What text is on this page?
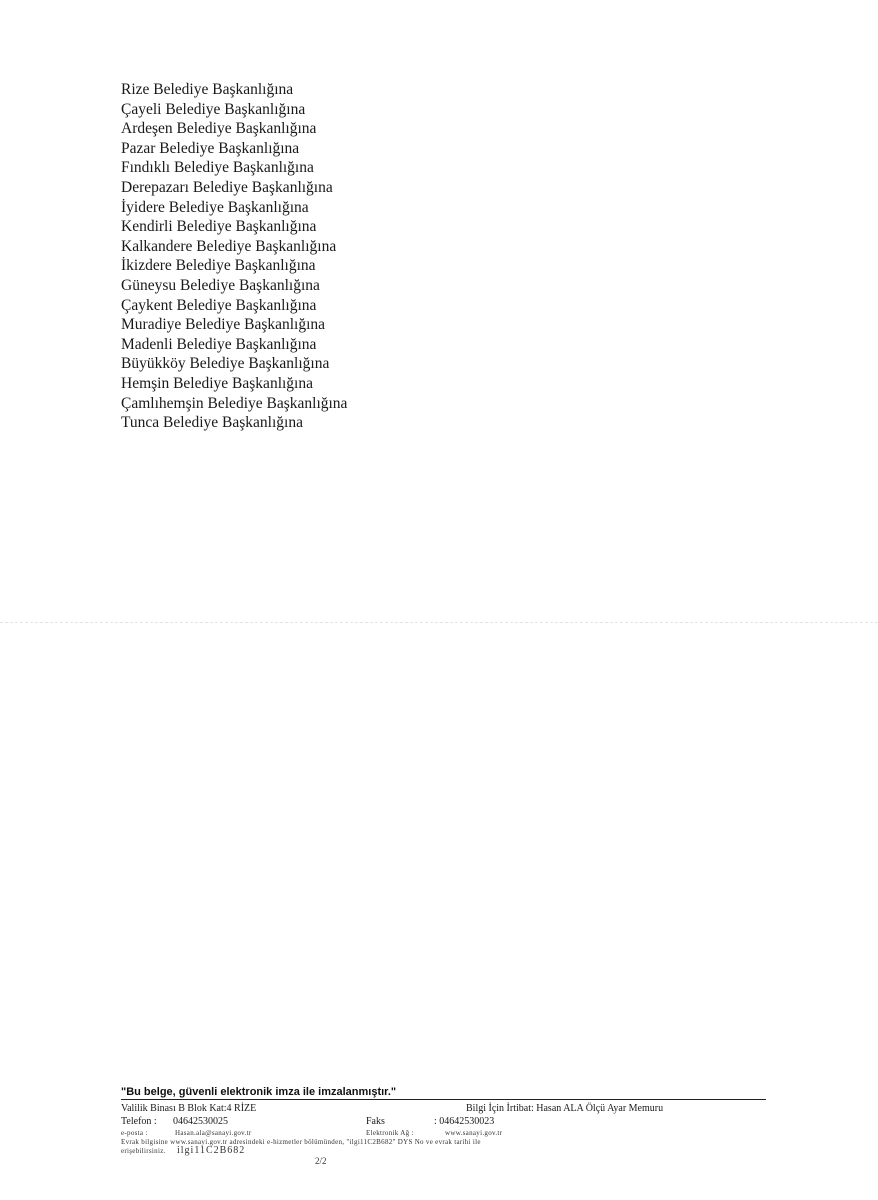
Rize Belediye Başkanlığına
Çayeli Belediye Başkanlığına
Ardeşen Belediye Başkanlığına
Pazar Belediye Başkanlığına
Fındıklı Belediye Başkanlığına
Derepazarı Belediye Başkanlığına
İyidere Belediye Başkanlığına
Kendirli Belediye Başkanlığına
Kalkandere Belediye Başkanlığına
İkizdere Belediye Başkanlığına
Güneysu Belediye Başkanlığına
Çaykent Belediye Başkanlığına
Muradiye Belediye Başkanlığına
Madenli Belediye Başkanlığına
Büyükköy Belediye Başkanlığına
Hemşin Belediye Başkanlığına
Çamlıhemşin Belediye Başkanlığına
Tunca Belediye Başkanlığına
"Bu belge, güvenli elektronik imza ile imzalanmıştır."
Valilik Binası B Blok Kat:4 RİZE	Bilgi İçin İrtibat: Hasan ALA Ölçü Ayar Memuru
Telefon : 04642530025	Faks	: 04642530023
e-posta :	Hasan.ala@sanayi.gov.tr	Elektronik Ağ :	www.sanayi.gov.tr
Evrak bilgisine www.sanayi.gov.tr adresindeki e-hizmetler bölümünden, "ilgi11C2B682" DYS No ve evrak tarihi ile
erişebilirsiniz. ilgi11C2B682
2/2
